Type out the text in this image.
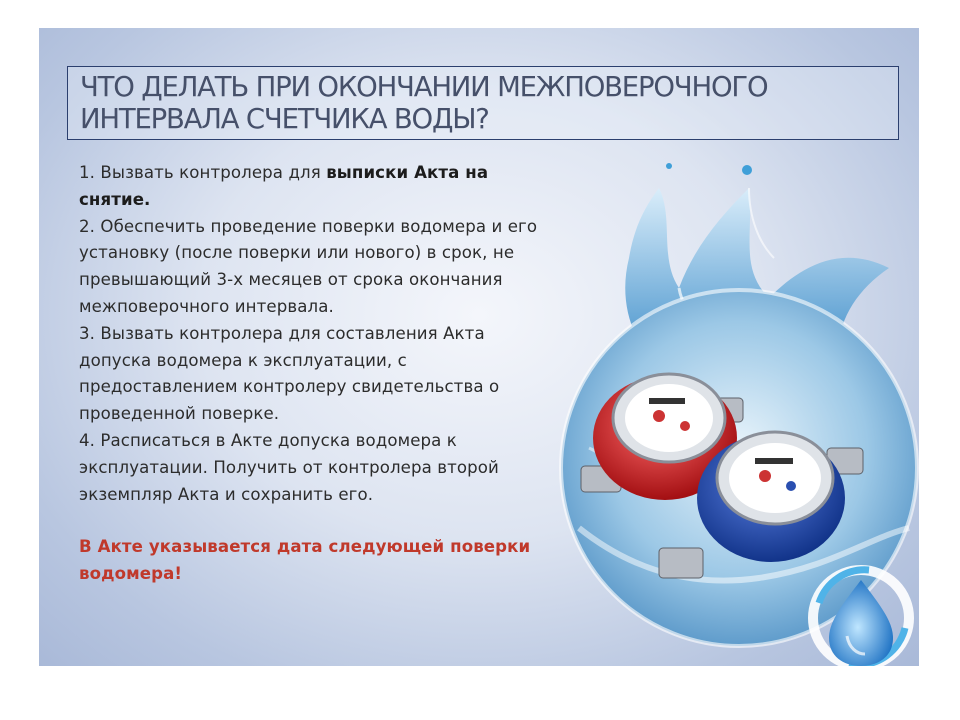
ЧТО ДЕЛАТЬ ПРИ ОКОНЧАНИИ МЕЖПОВЕРОЧНОГО ИНТЕРВАЛА СЧЕТЧИКА ВОДЫ?

1. Вызвать контролера для выписки Акта на снятие.

2. Обеспечить проведение поверки водомера и его установку (после поверки или нового) в срок, не превышающий 3-х месяцев от срока окончания межповерочного интервала.

3. Вызвать контролера для составления Акта допуска водомера к эксплуатации, с предоставлением контролеру свидетельства о проведенной поверке.

4. Расписаться в Акте допуска водомера к эксплуатации. Получить от контролера второй экземпляр Акта и сохранить его.

В Акте указывается дата следующей поверки водомера!
